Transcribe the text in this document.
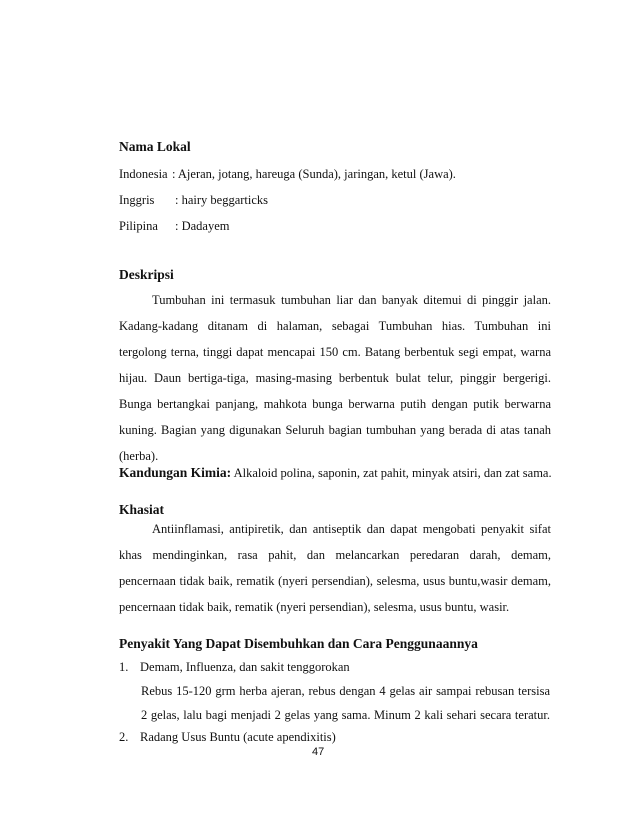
Nama Lokal
Indonesia : Ajeran, jotang, hareuga (Sunda), jaringan, ketul (Jawa).
Inggris : hairy beggarticks
Pilipina : Dadayem
Deskripsi
Tumbuhan ini termasuk tumbuhan liar dan banyak ditemui di pinggir jalan.
Kadang-kadang ditanam di halaman, sebagai Tumbuhan hias. Tumbuhan ini
tergolong terna, tinggi dapat mencapai 150 cm. Batang berbentuk segi empat, warna
hijau. Daun bertiga-tiga, masing-masing berbentuk bulat telur, pinggir bergerigi.
Bunga bertangkai panjang, mahkota bunga berwarna putih dengan putik berwarna
kuning. Bagian yang digunakan Seluruh bagian tumbuhan yang berada di atas tanah
(herba).
Kandungan Kimia: Alkaloid polina, saponin, zat pahit, minyak atsiri, dan zat sama.
Khasiat
Antiinflamasi, antipiretik, dan antiseptik dan dapat mengobati penyakit sifat
khas mendinginkan, rasa pahit, dan melancarkan peredaran darah, demam,
pencernaan tidak baik, rematik (nyeri persendian), selesma, usus buntu,wasir demam,
pencernaan tidak baik, rematik (nyeri persendian), selesma, usus buntu, wasir.
Penyakit Yang Dapat Disembuhkan dan Cara Penggunaannya
1. Demam, Influenza, dan sakit tenggorokan
Rebus 15-120 grm herba ajeran, rebus dengan 4 gelas air sampai rebusan tersisa
2 gelas, lalu bagi menjadi 2 gelas yang sama. Minum 2 kali sehari secara teratur.
2. Radang Usus Buntu (acute apendixitis)
47
